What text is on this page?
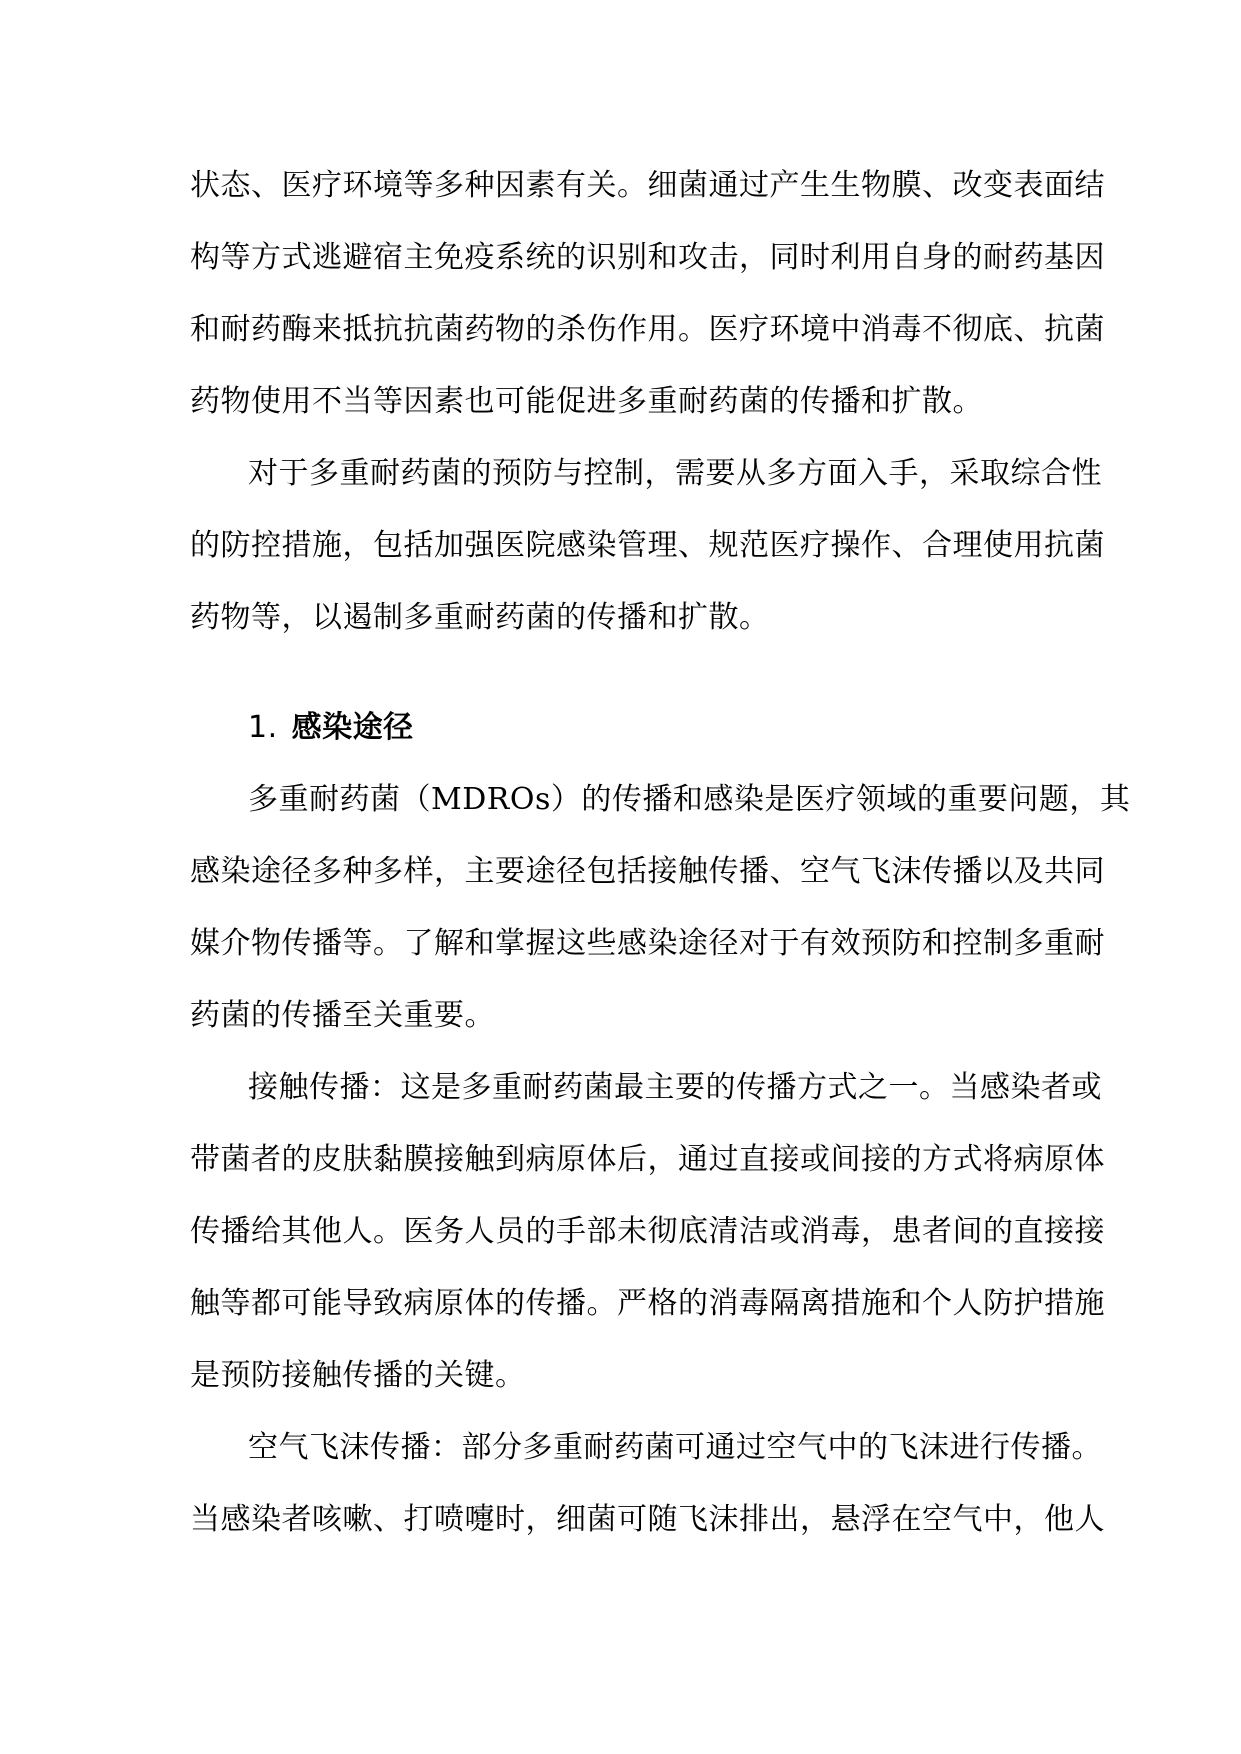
状态、医疗环境等多种因素有关。细菌通过产生生物膜、改变表面结
构等方式逃避宿主免疫系统的识别和攻击，同时利用自身的耐药基因
和耐药酶来抵抗抗菌药物的杀伤作用。医疗环境中消毒不彻底、抗菌
药物使用不当等因素也可能促进多重耐药菌的传播和扩散。
对于多重耐药菌的预防与控制，需要从多方面入手，采取综合性
的防控措施，包括加强医院感染管理、规范医疗操作、合理使用抗菌
药物等，以遏制多重耐药菌的传播和扩散。
1. 感染途径
多重耐药菌（MDROs）的传播和感染是医疗领域的重要问题，其
感染途径多种多样，主要途径包括接触传播、空气飞沫传播以及共同
媒介物传播等。了解和掌握这些感染途径对于有效预防和控制多重耐
药菌的传播至关重要。
接触传播：这是多重耐药菌最主要的传播方式之一。当感染者或
带菌者的皮肤黏膜接触到病原体后，通过直接或间接的方式将病原体
传播给其他人。医务人员的手部未彻底清洁或消毒，患者间的直接接
触等都可能导致病原体的传播。严格的消毒隔离措施和个人防护措施
是预防接触传播的关键。
空气飞沫传播：部分多重耐药菌可通过空气中的飞沫进行传播。
当感染者咳嗽、打喷嚏时，细菌可随飞沫排出，悬浮在空气中，他人
